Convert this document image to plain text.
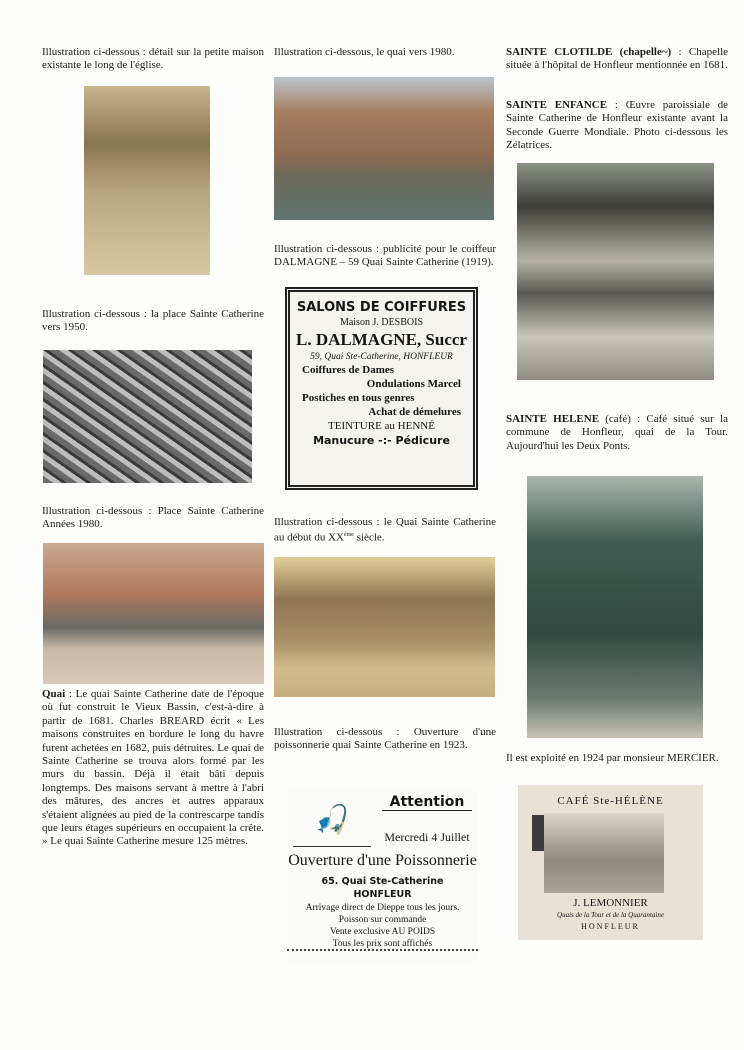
Illustration ci-dessous : détail sur la petite maison existante le long de l'église.
Illustration ci-dessous : la place Sainte Catherine vers 1950.
Illustration ci-dessous : Place Sainte Catherine Années 1980.
Quai : Le quai Sainte Catherine date de l'époque où fut construit le Vieux Bassin, c'est-à-dire à partir de 1681. Charles BREARD écrit « Les maisons construites en bordure le long du havre furent achetées en 1682, puis détruites. Le quai de Sainte Catherine se trouva alors formé par les murs du bassin. Déjà il était bâti depuis longtemps. Des maisons servant à mettre à l'abri des mâtures, des ancres et autres apparaux s'étaient alignées au pied de la contrescarpe tandis que leurs étages supérieurs en occupaient la crête. » Le quai Sainte Catherine mesure 125 mètres.
Illustration ci-dessous, le quai vers 1980.
Illustration ci-dessous : publicité pour le coiffeur DALMAGNE – 59 Quai Sainte Catherine (1919).
SALONS DE COIFFURES
Maison J. DESBOIS
L. DALMAGNE, Succr
59, Quai Ste-Catherine, HONFLEUR
Coiffures de Dames
Ondulations Marcel
Postiches en tous genres
Achat de démelures
TEINTURE au HENNÉ
Manucure -:- Pédicure
Illustration ci-dessous : le Quai Sainte Catherine au début du XXème siècle.
Illustration ci-dessous : Ouverture d'une poissonnerie quai Sainte Catherine en 1923.
🎣
Attention
Mercredi 4 Juillet
Ouverture d'une Poissonnerie
65. Quai Ste-Catherine
HONFLEUR
Arrivage direct de Dieppe tous les jours.
Poisson sur commande
Vente exclusive AU POIDS
Tous les prix sont affichés
SAINTE CLOTILDE (chapelle~) : Chapelle située à l'hôpital de Honfleur mentionnée en 1681.
SAINTE ENFANCE : Œuvre paroissiale de Sainte Catherine de Honfleur existante avant la Seconde Guerre Mondiale. Photo ci-dessous les Zélatrices.
SAINTE HELENE (café) : Café situé sur la commune de Honfleur, quai de la Tour. Aujourd'hui les Deux Ponts.
Il est exploité en 1924 par monsieur MERCIER.
CAFÉ Ste-HÉLÈNE
J. LEMONNIER
Quais de la Tour et de la Quarantaine
HONFLEUR
